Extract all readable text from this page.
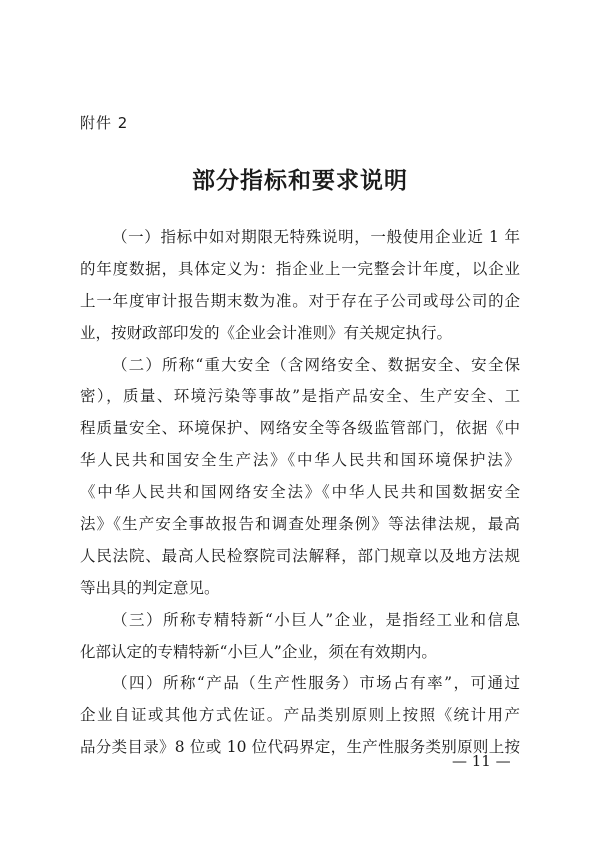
附件 2
部分指标和要求说明
（一）指标中如对期限无特殊说明，一般使用企业近 1 年
的年度数据，具体定义为：指企业上一完整会计年度，以企业
上一年度审计报告期末数为准。对于存在子公司或母公司的企
业，按财政部印发的《企业会计准则》有关规定执行。
（二）所称“重大安全（含网络安全、数据安全、安全保
密），质量、环境污染等事故”是指产品安全、生产安全、工
程质量安全、环境保护、网络安全等各级监管部门，依据《中
华人民共和国安全生产法》《中华人民共和国环境保护法》
《中华人民共和国网络安全法》《中华人民共和国数据安全
法》《生产安全事故报告和调查处理条例》等法律法规，最高
人民法院、最高人民检察院司法解释，部门规章以及地方法规
等出具的判定意见。
（三）所称专精特新“小巨人”企业，是指经工业和信息
化部认定的专精特新“小巨人”企业，须在有效期内。
（四）所称“产品（生产性服务）市场占有率”，可通过
企业自证或其他方式佐证。产品类别原则上按照《统计用产
品分类目录》8 位或 10 位代码界定，生产性服务类别原则上按
— 11 —
